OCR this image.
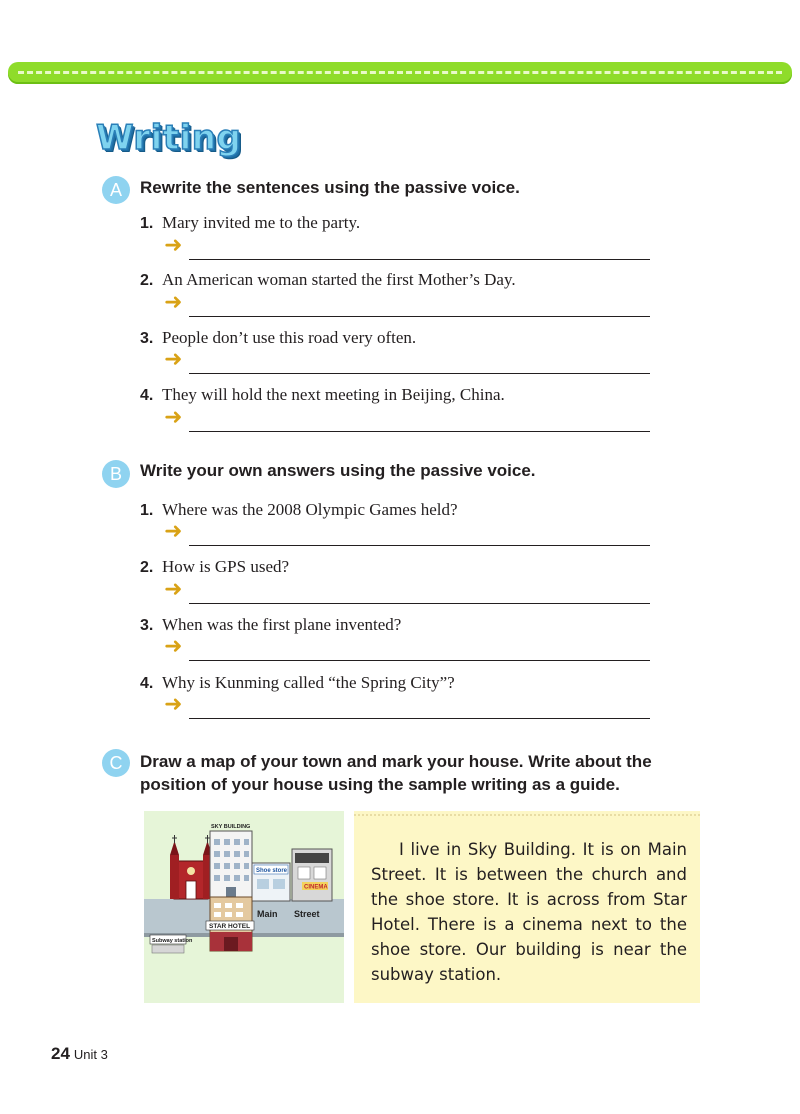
Writing
A	Rewrite the sentences using the passive voice.
1. Mary invited me to the party.
➜
2. An American woman started the first Mother’s Day.
➜
3. People don’t use this road very often.
➜
4. They will hold the next meeting in Beijing, China.
➜
B	Write your own answers using the passive voice.
1. Where was the 2008 Olympic Games held?
➜
2. How is GPS used?
➜
3. When was the first plane invented?
➜
4. Why is Kunming called “the Spring City”?
➜
C	Draw a map of your town and mark your house. Write about the position of your house using the sample writing as a guide.
SKY BUILDING
Shoe store
CINEMA
Main Street
STAR HOTEL
Subway station

I live in Sky Building. It is on Main Street. It is between the church and the shoe store. It is across from Star Hotel. There is a cinema next to the shoe store. Our building is near the subway station.

24 Unit 3
